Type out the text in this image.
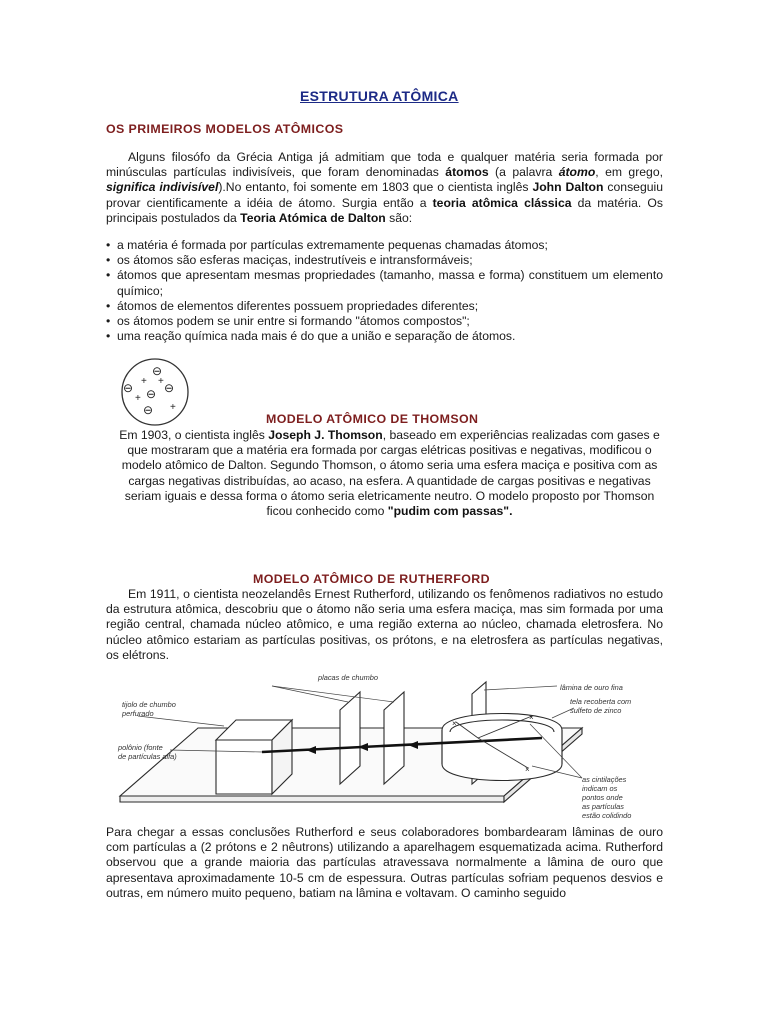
ESTRUTURA ATÔMICA
OS PRIMEIROS MODELOS ATÔMICOS
Alguns filosófo da Grécia Antiga já admitiam que toda e qualquer matéria seria formada por minúsculas partículas indivisíveis, que foram denominadas átomos (a palavra átomo, em grego, significa indivisível).No entanto, foi somente em 1803 que o cientista inglês John Dalton conseguiu provar cientificamente a idéia de átomo. Surgia então a teoria atômica clássica da matéria. Os principais postulados da Teoria Atómica de Dalton são:
• a matéria é formada por partículas extremamente pequenas chamadas átomos;
• os átomos são esferas maciças, indestrutíveis e intransformáveis;
• átomos que apresentam mesmas propriedades (tamanho, massa e forma) constituem um elemento químico;
• átomos de elementos diferentes possuem propriedades diferentes;
• os átomos podem se unir entre si formando "átomos compostos";
• uma reação química nada mais é do que a união e separação de átomos.
⊖
⊖	⊖
⊖
⊖
+
+
+
+
MODELO ATÔMICO DE THOMSON
Em 1903, o cientista inglês Joseph J. Thomson, baseado em experiências realizadas com gases e que mostraram que a matéria era formada por cargas elétricas positivas e negativas, modificou o modelo atômico de Dalton. Segundo Thomson, o átomo seria uma esfera maciça e positiva com as cargas negativas distribuídas, ao acaso, na esfera. A quantidade de cargas positivas e negativas seriam iguais e dessa forma o átomo seria eletricamente neutro. O modelo proposto por Thomson ficou conhecido como "pudim com passas".
MODELO ATÔMICO DE RUTHERFORD
Em 1911, o cientista neozelandês Ernest Rutherford, utilizando os fenômenos radiativos no estudo da estrutura atômica, descobriu que o átomo não seria uma esfera maciça, mas sim formada por uma região central, chamada núcleo atômico, e uma região externa ao núcleo, chamada eletrosfera. No núcleo atômico estariam as partículas positivas, os prótons, e na eletrosfera as partículas negativas, os elétrons.
×
×
×
placas de chumbo
lâmina de ouro fina
tela recoberta com
sulfeto de zinco
tijolo de chumbo
perfurado
polônio (fonte
de partículas alfa)
as cintilações
indicam os
pontos onde
as partículas
estão colidindo
Para chegar a essas conclusões Rutherford e seus colaboradores bombardearam lâminas de ouro com partículas a (2 prótons e 2 nêutrons) utilizando a aparelhagem esquematizada acima. Rutherford observou que a grande maioria das partículas atravessava normalmente a lâmina de ouro que apresentava aproximadamente 10-5 cm de espessura. Outras partículas sofriam pequenos desvios e outras, em número muito pequeno, batiam na lâmina e voltavam. O caminho seguido
